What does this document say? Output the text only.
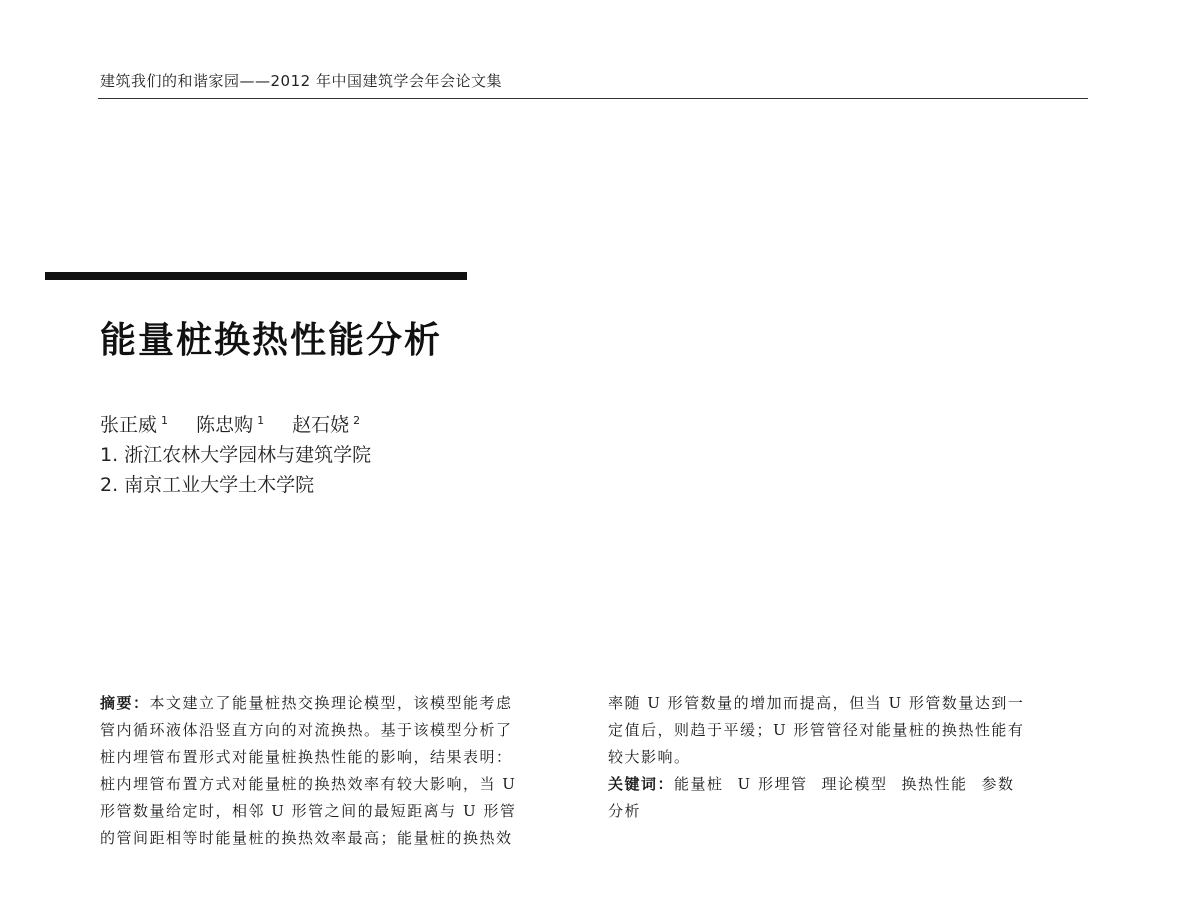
建筑我们的和谐家园——2012 年中国建筑学会年会论文集
能量桩换热性能分析
张正威 $^1$ 陈忠购 $^1$ 赵石娆 $^2$
1. 浙江农林大学园林与建筑学院
2. 南京工业大学土木学院
摘要：本文建立了能量桩热交换理论模型，该模型能考虑
管内循环液体沿竖直方向的对流换热。基于该模型分析了
桩内埋管布置形式对能量桩换热性能的影响，结果表明：
桩内埋管布置方式对能量桩的换热效率有较大影响，当 U
形管数量给定时，相邻 U 形管之间的最短距离与 U 形管
的管间距相等时能量桩的换热效率最高；能量桩的换热效
率随 U 形管数量的增加而提高，但当 U 形管数量达到一
定值后，则趋于平缓；U 形管管径对能量桩的换热性能有
较大影响。
关键词：能量桩 U 形埋管 理论模型 换热性能 参数
分析
